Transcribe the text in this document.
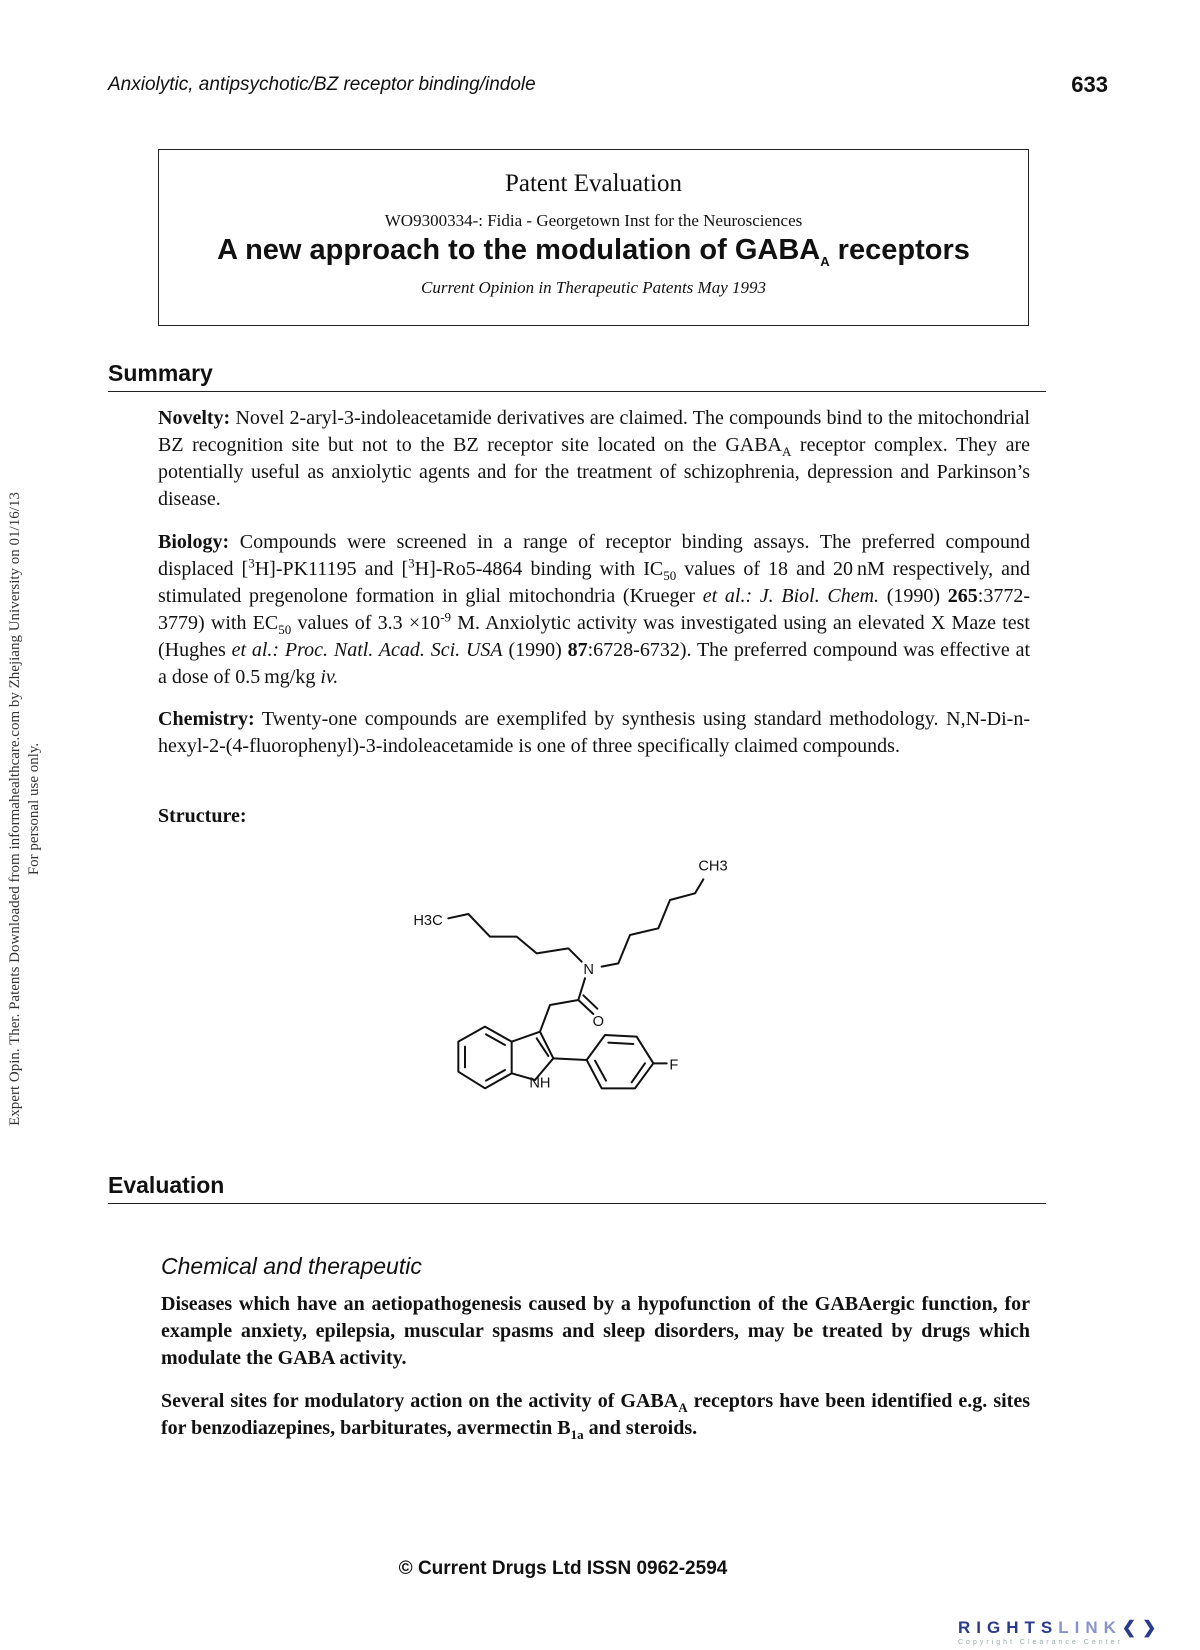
Anxiolytic, antipsychotic/BZ receptor binding/indole	633
Patent Evaluation
WO9300334-: Fidia - Georgetown Inst for the Neurosciences
A new approach to the modulation of $GABA_A$ receptors
Current Opinion in Therapeutic Patents May 1993
Summary
Novelty: Novel 2-aryl-3-indoleacetamide derivatives are claimed. The compounds bind to the mitochondrial BZ recognition site but not to the BZ receptor site located on the $GABA_A$ receptor complex. They are potentially useful as anxiolytic agents and for the treatment of schizophrenia, depression and Parkinson’s disease.
Biology: Compounds were screened in a range of receptor binding assays. The preferred compound displaced [$^3$H]-PK11195 and [$^3$H]-Ro5-4864 binding with $IC_{50}$ values of 18 and 20 nM respectively, and stimulated pregenolone formation in glial mitochondria (Krueger et al.: J. Biol. Chem. (1990) 265:3772-3779) with $EC_{50}$ values of $3.3 \times 10^{-9}$ M. Anxiolytic activity was investigated using an elevated X Maze test (Hughes et al.: Proc. Natl. Acad. Sci. USA (1990) 87:6728-6732). The preferred compound was effective at a dose of 0.5 mg/kg iv.
Chemistry: Twenty-one compounds are exemplifed by synthesis using standard methodology. N,N-Di-n-hexyl-2-(4-fluorophenyl)-3-indoleacetamide is one of three specifically claimed compounds.
Structure:
H3C
CH3
N
O
NH
F
Evaluation
Chemical and therapeutic
Diseases which have an aetiopathogenesis caused by a hypofunction of the GABAergic function, for example anxiety, epilepsia, muscular spasms and sleep disorders, may be treated by drugs which modulate the GABA activity.
Several sites for modulatory action on the activity of $GABA_A$ receptors have been identified e.g. sites for benzodiazepines, barbiturates, avermectin $B_{1a}$ and steroids.
© Current Drugs Ltd ISSN 0962-2594
Expert Opin. Ther. Patents Downloaded from informahealthcare.com by Zhejiang University on 01/16/13 For personal use only.
RIGHTSLINK❮❯
Copyright Clearance Center
